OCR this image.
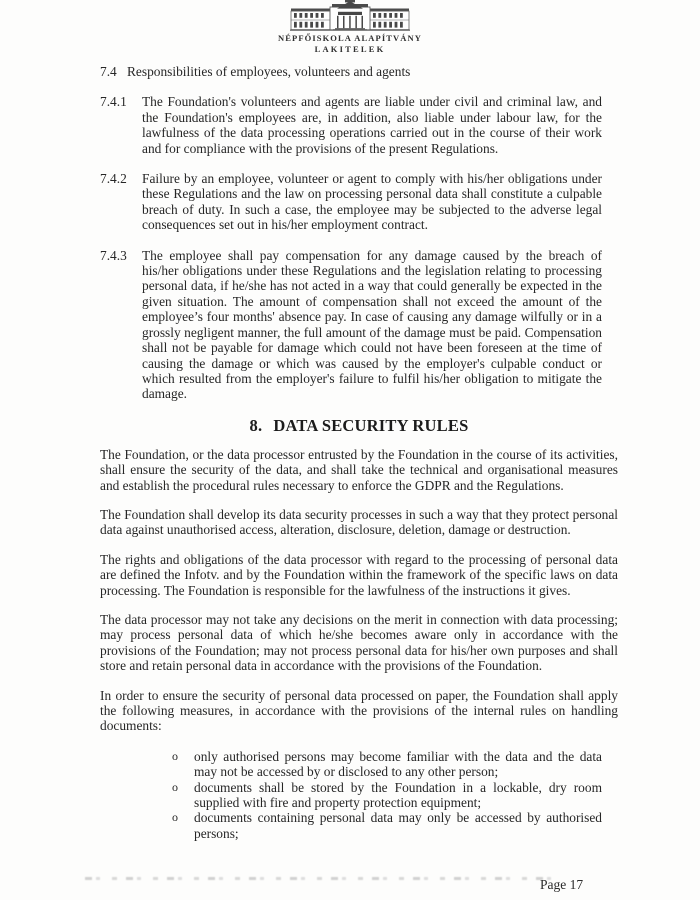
NÉPFŐISKOLA ALAPÍTVÁNY
LAKITELEK
7.4 Responsibilities of employees, volunteers and agents
7.4.1	The Foundation's volunteers and agents are liable under civil and criminal law, and the Foundation's employees are, in addition, also liable under labour law, for the lawfulness of the data processing operations carried out in the course of their work and for compliance with the provisions of the present Regulations.
7.4.2	Failure by an employee, volunteer or agent to comply with his/her obligations under these Regulations and the law on processing personal data shall constitute a culpable breach of duty. In such a case, the employee may be subjected to the adverse legal consequences set out in his/her employment contract.
7.4.3	The employee shall pay compensation for any damage caused by the breach of his/her obligations under these Regulations and the legislation relating to processing personal data, if he/she has not acted in a way that could generally be expected in the given situation. The amount of compensation shall not exceed the amount of the employee’s four months' absence pay. In case of causing any damage wilfully or in a grossly negligent manner, the full amount of the damage must be paid. Compensation shall not be payable for damage which could not have been foreseen at the time of causing the damage or which was caused by the employer's culpable conduct or which resulted from the employer's failure to fulfil his/her obligation to mitigate the damage.
8. DATA SECURITY RULES

The Foundation, or the data processor entrusted by the Foundation in the course of its activities, shall ensure the security of the data, and shall take the technical and organisational measures and establish the procedural rules necessary to enforce the GDPR and the Regulations.

The Foundation shall develop its data security processes in such a way that they protect personal data against unauthorised access, alteration, disclosure, deletion, damage or destruction.

The rights and obligations of the data processor with regard to the processing of personal data are defined the Infotv. and by the Foundation within the framework of the specific laws on data processing. The Foundation is responsible for the lawfulness of the instructions it gives.

The data processor may not take any decisions on the merit in connection with data processing; may process personal data of which he/she becomes aware only in accordance with the provisions of the Foundation; may not process personal data for his/her own purposes and shall store and retain personal data in accordance with the provisions of the Foundation.

In order to ensure the security of personal data processed on paper, the Foundation shall apply the following measures, in accordance with the provisions of the internal rules on handling documents:

o	only authorised persons may become familiar with the data and the data may not be accessed by or disclosed to any other person;
o	documents shall be stored by the Foundation in a lockable, dry room supplied with fire and property protection equipment;
o	documents containing personal data may only be accessed by authorised persons;
Page 17
